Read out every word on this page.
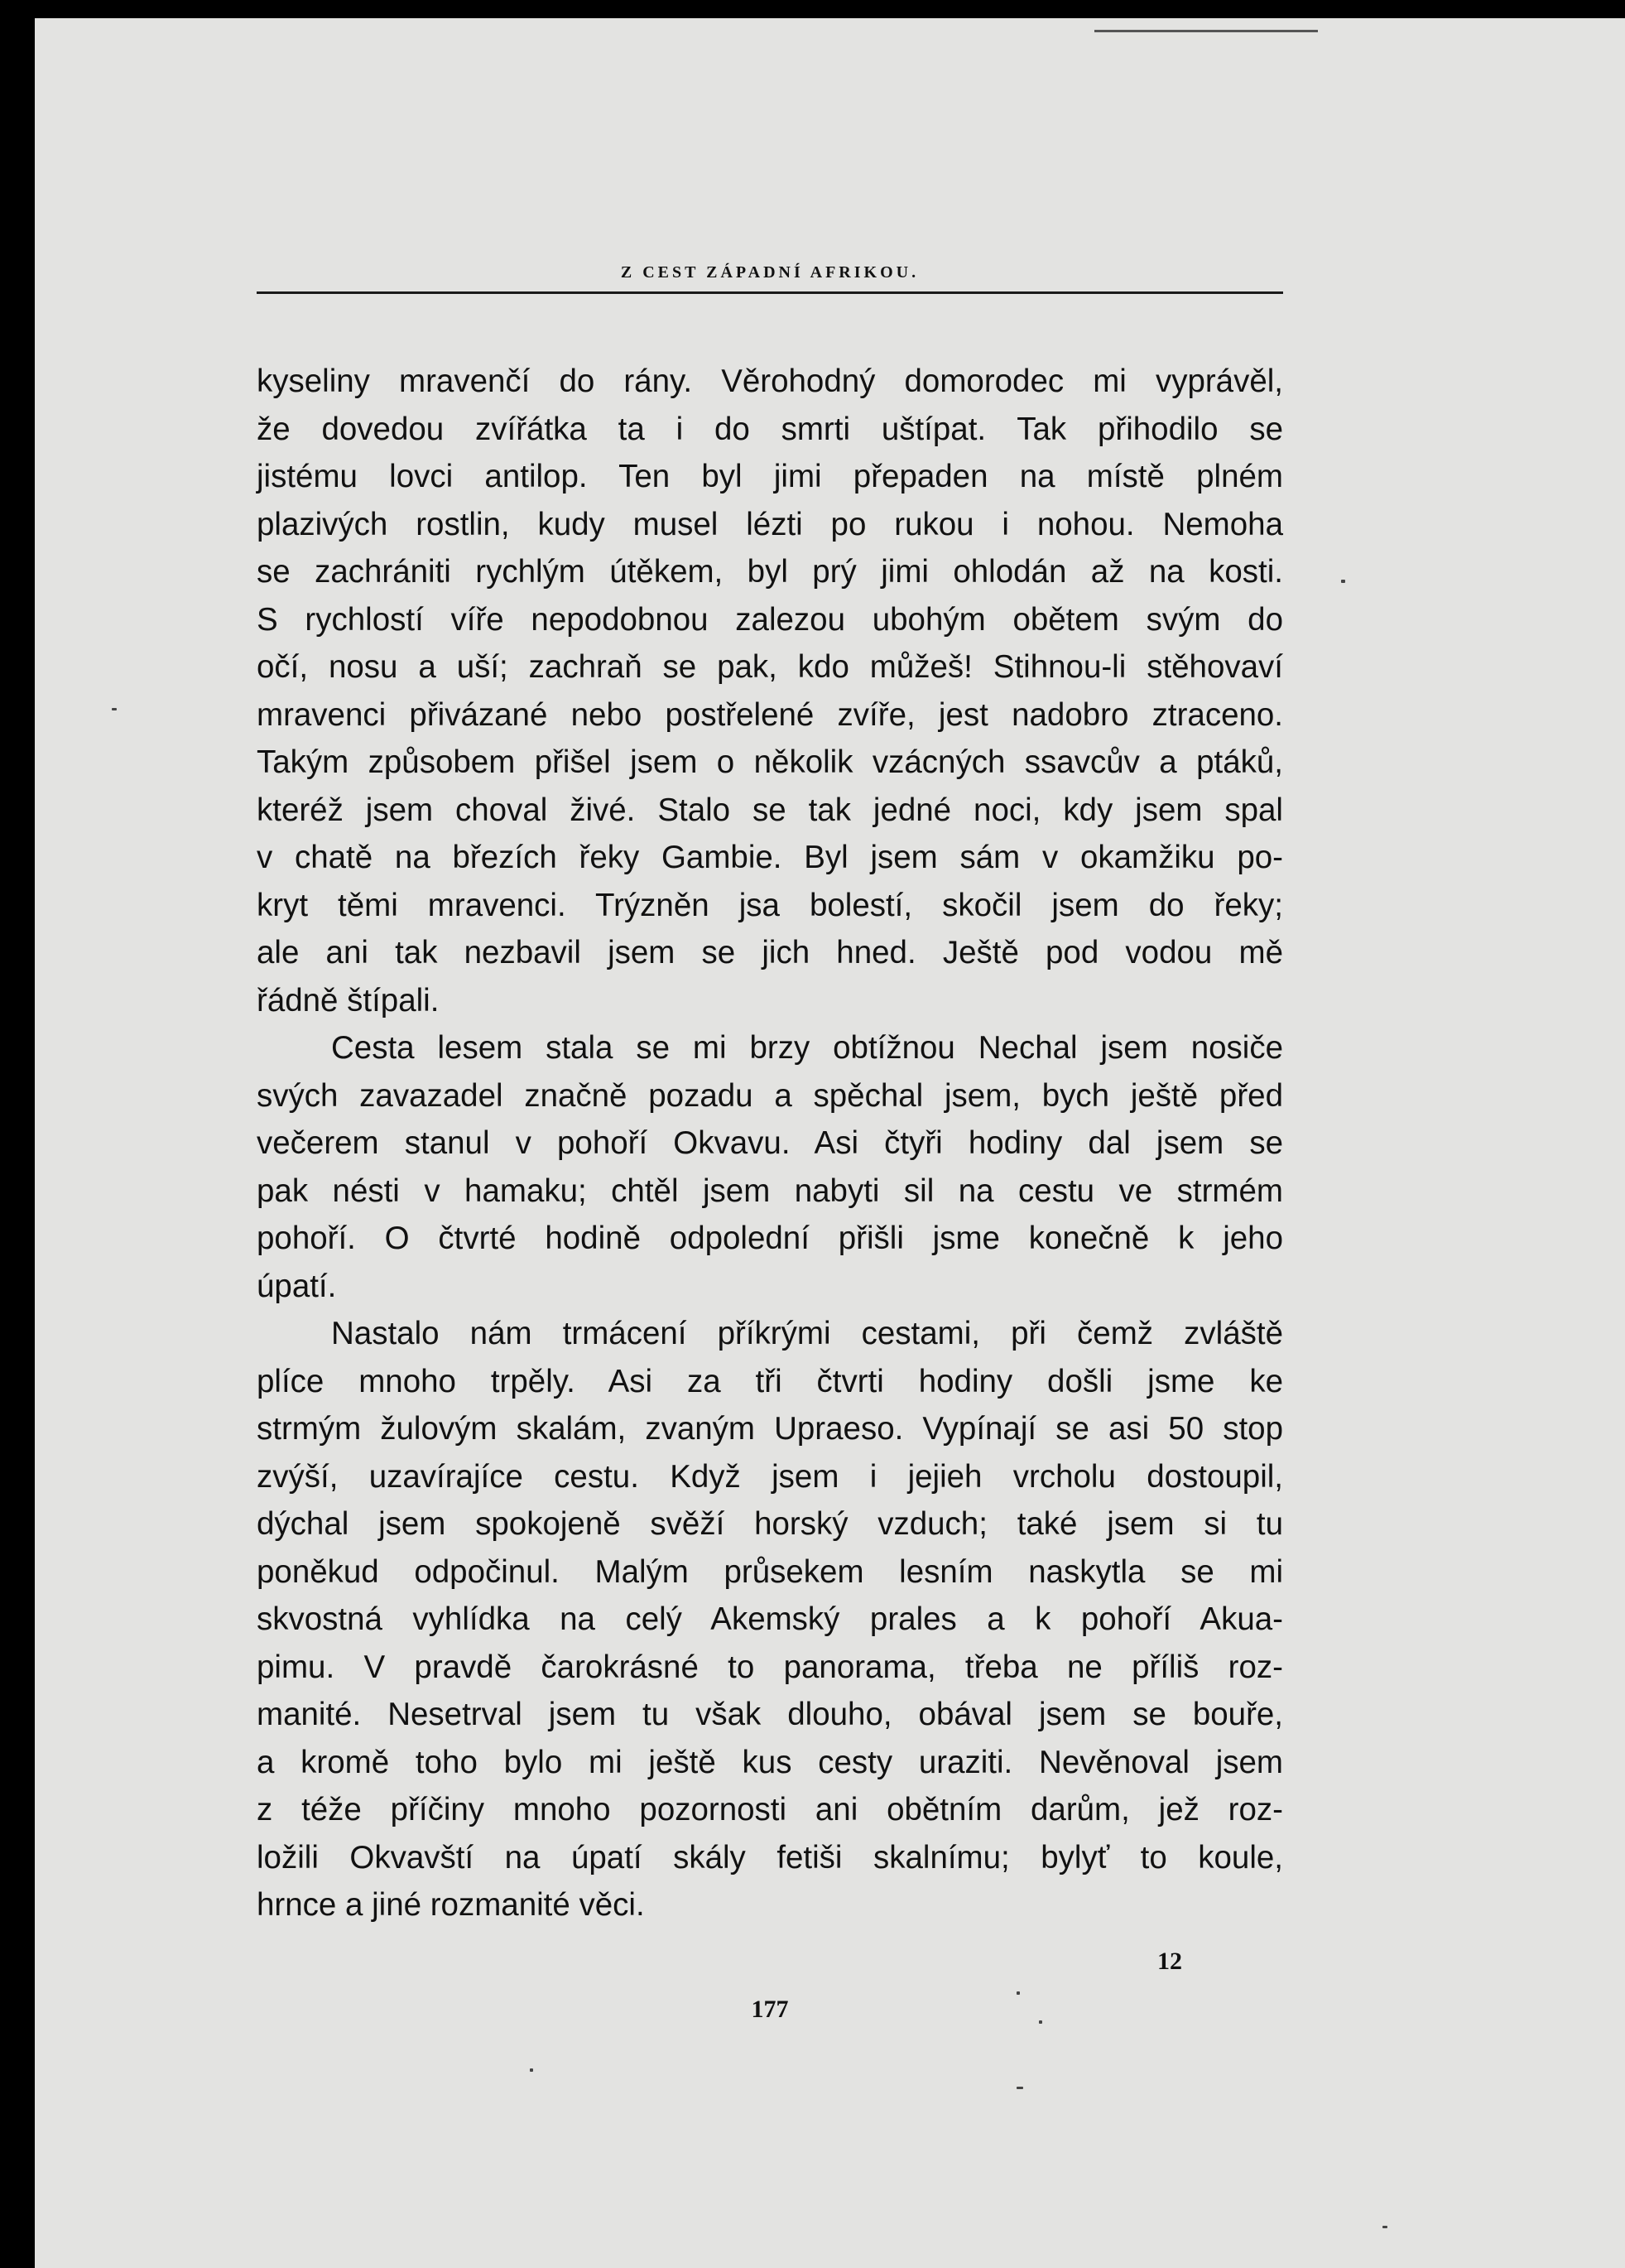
Z CEST ZÁPADNÍ AFRIKOU.
kyseliny mravenčí do rány. Věrohodný domorodec mi vyprávěl,
že dovedou zvířátka ta i do smrti uštípat. Tak přihodilo se
jistému lovci antilop. Ten byl jimi přepaden na místě plném
plazivých rostlin, kudy musel lézti po rukou i nohou. Nemoha
se zachrániti rychlým útěkem, byl prý jimi ohlodán až na kosti.
S rychlostí víře nepodobnou zalezou ubohým obětem svým do
očí, nosu a uší; zachraň se pak, kdo můžeš! Stihnou-li stěhovaví
mravenci přivázané nebo postřelené zvíře, jest nadobro ztraceno.
Takým způsobem přišel jsem o několik vzácných ssavcův a ptáků,
kteréž jsem choval živé. Stalo se tak jedné noci, kdy jsem spal
v chatě na březích řeky Gambie. Byl jsem sám v okamžiku po-
kryt těmi mravenci. Trýzněn jsa bolestí, skočil jsem do řeky;
ale ani tak nezbavil jsem se jich hned. Ještě pod vodou mě
řádně štípali.
Cesta lesem stala se mi brzy obtížnou Nechal jsem nosiče
svých zavazadel značně pozadu a spěchal jsem, bych ještě před
večerem stanul v pohoří Okvavu. Asi čtyři hodiny dal jsem se
pak nésti v hamaku; chtěl jsem nabyti sil na cestu ve strmém
pohoří. O čtvrté hodině odpolední přišli jsme konečně k jeho
úpatí.
Nastalo nám trmácení příkrými cestami, při čemž zvláště
plíce mnoho trpěly. Asi za tři čtvrti hodiny došli jsme ke
strmým žulovým skalám, zvaným Upraeso. Vypínají se asi 50 stop
zvýší, uzavírajíce cestu. Když jsem i jejieh vrcholu dostoupil,
dýchal jsem spokojeně svěží horský vzduch; také jsem si tu
poněkud odpočinul. Malým průsekem lesním naskytla se mi
skvostná vyhlídka na celý Akemský prales a k pohoří Akua-
pimu. V pravdě čarokrásné to panorama, třeba ne příliš roz-
manité. Nesetrval jsem tu však dlouho, obával jsem se bouře,
a kromě toho bylo mi ještě kus cesty uraziti. Nevěnoval jsem
z téže příčiny mnoho pozornosti ani obětním darům, jež roz-
ložili Okvavští na úpatí skály fetiši skalnímu; bylyť to koule,
hrnce a jiné rozmanité věci.
12
177
